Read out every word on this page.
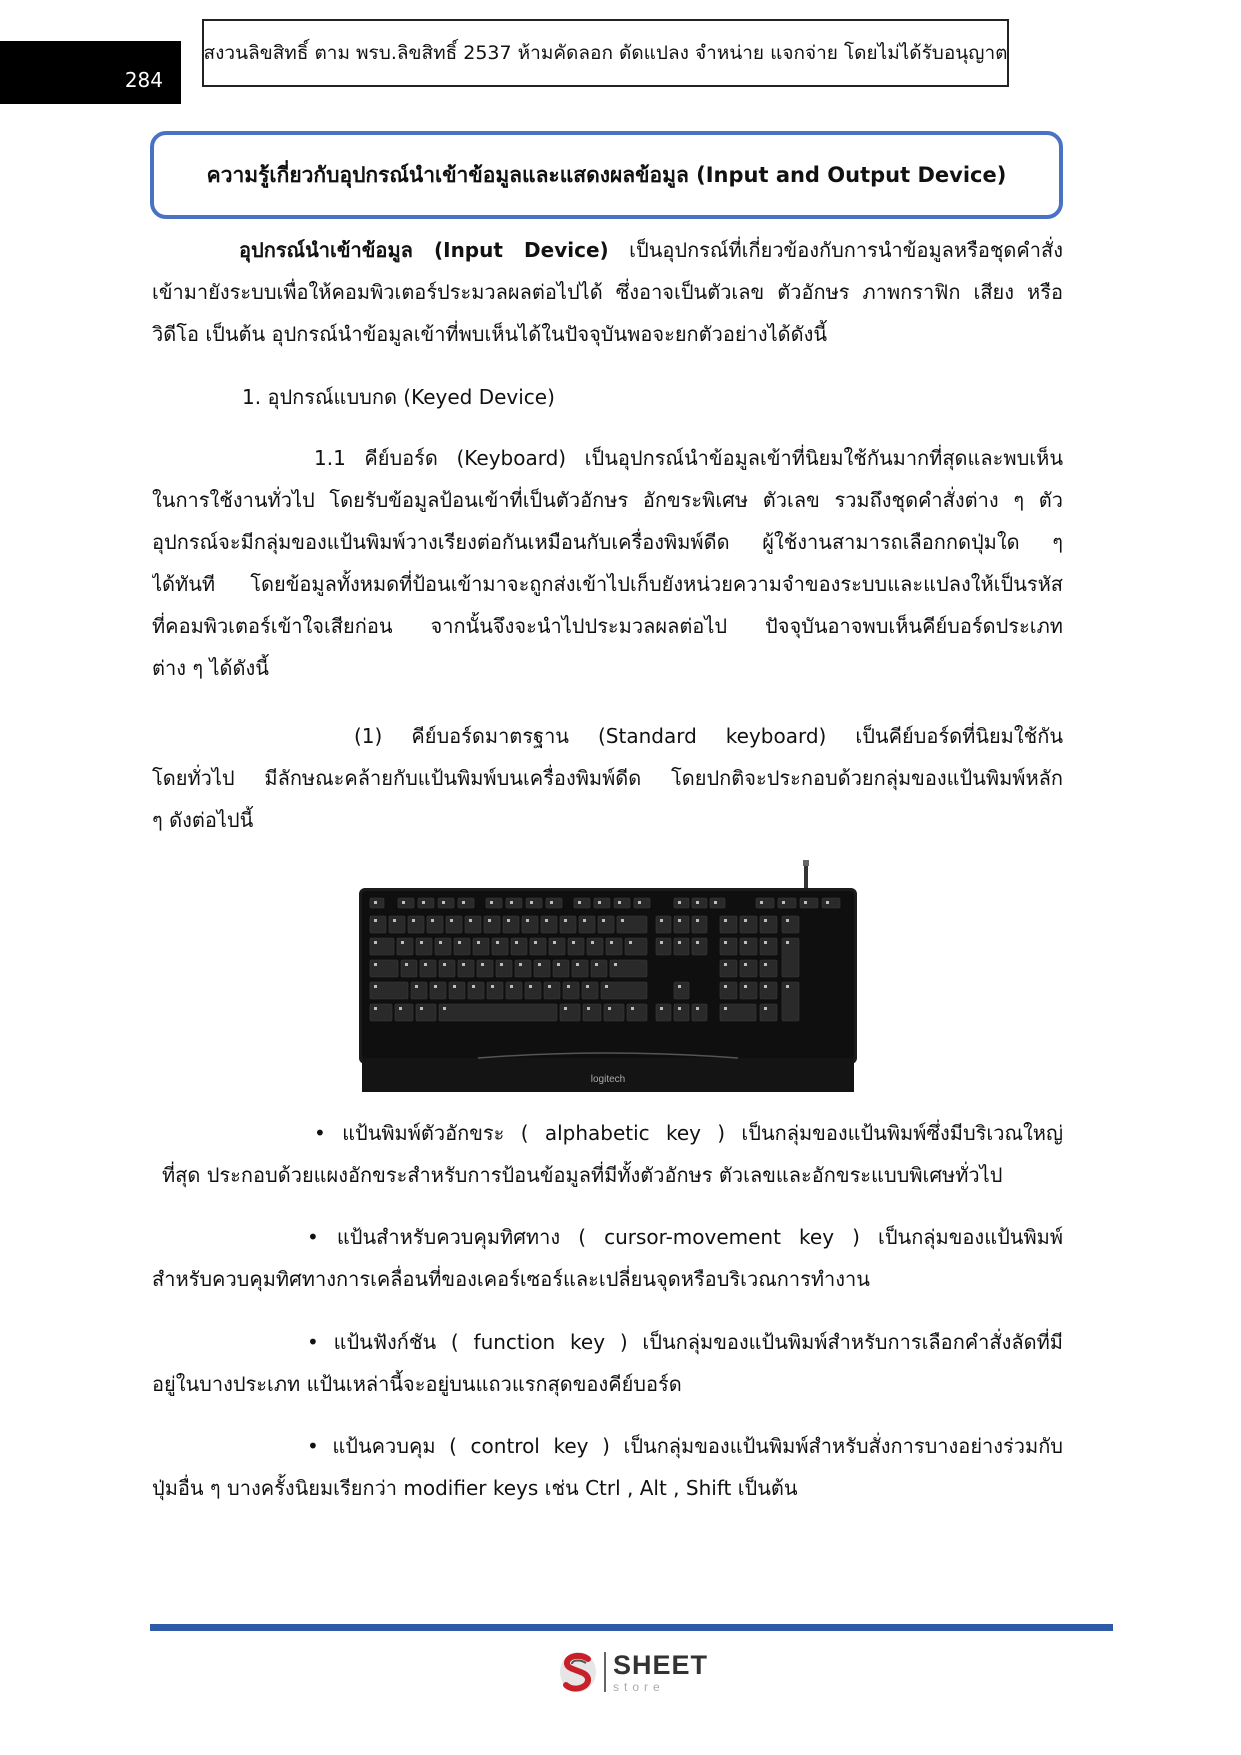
284
สงวนลิขสิทธิ์ ตาม พรบ.ลิขสิทธิ์ 2537 ห้ามคัดลอก ดัดแปลง จำหน่าย แจกจ่าย โดยไม่ได้รับอนุญาต
ความรู้เกี่ยวกับอุปกรณ์นำเข้าข้อมูลและแสดงผลข้อมูล (Input and Output Device)
อุปกรณ์นำเข้าข้อมูล (Input Device) เป็นอุปกรณ์ที่เกี่ยวข้องกับการนำข้อมูลหรือชุดคำสั่ง
เข้ามายังระบบเพื่อให้คอมพิวเตอร์ประมวลผลต่อไปได้ ซึ่งอาจเป็นตัวเลข ตัวอักษร ภาพกราฟิก เสียง หรือ
วิดีโอ เป็นต้น อุปกรณ์นำข้อมูลเข้าที่พบเห็นได้ในปัจจุบันพอจะยกตัวอย่างได้ดังนี้
1. อุปกรณ์แบบกด (Keyed Device)
1.1 คีย์บอร์ด (Keyboard) เป็นอุปกรณ์นำข้อมูลเข้าที่นิยมใช้กันมากที่สุดและพบเห็น
ในการใช้งานทั่วไป โดยรับข้อมูลป้อนเข้าที่เป็นตัวอักษร อักขระพิเศษ ตัวเลข รวมถึงชุดคำสั่งต่าง ๆ ตัว
อุปกรณ์จะมีกลุ่มของแป้นพิมพ์วางเรียงต่อกันเหมือนกับเครื่องพิมพ์ดีด ผู้ใช้งานสามารถเลือกกดปุ่มใด ๆ
ได้ทันที โดยข้อมูลทั้งหมดที่ป้อนเข้ามาจะถูกส่งเข้าไปเก็บยังหน่วยความจำของระบบและแปลงให้เป็นรหัส
ที่คอมพิวเตอร์เข้าใจเสียก่อน จากนั้นจึงจะนำไปประมวลผลต่อไป ปัจจุบันอาจพบเห็นคีย์บอร์ดประเภท
ต่าง ๆ ได้ดังนี้
(1) คีย์บอร์ดมาตรฐาน (Standard keyboard) เป็นคีย์บอร์ดที่นิยมใช้กัน
โดยทั่วไป มีลักษณะคล้ายกับแป้นพิมพ์บนเครื่องพิมพ์ดีด โดยปกติจะประกอบด้วยกลุ่มของแป้นพิมพ์หลัก
ๆ ดังต่อไปนี้
logitech
• แป้นพิมพ์ตัวอักขระ ( alphabetic key ) เป็นกลุ่มของแป้นพิมพ์ซึ่งมีบริเวณใหญ่
ที่สุด ประกอบด้วยแผงอักขระสำหรับการป้อนข้อมูลที่มีทั้งตัวอักษร ตัวเลขและอักขระแบบพิเศษทั่วไป
• แป้นสำหรับควบคุมทิศทาง ( cursor-movement key ) เป็นกลุ่มของแป้นพิมพ์
สำหรับควบคุมทิศทางการเคลื่อนที่ของเคอร์เซอร์และเปลี่ยนจุดหรือบริเวณการทำงาน
• แป้นฟังก์ชัน ( function key ) เป็นกลุ่มของแป้นพิมพ์สำหรับการเลือกคำสั่งลัดที่มี
อยู่ในบางประเภท แป้นเหล่านี้จะอยู่บนแถวแรกสุดของคีย์บอร์ด
• แป้นควบคุม ( control key ) เป็นกลุ่มของแป้นพิมพ์สำหรับสั่งการบางอย่างร่วมกับ
ปุ่มอื่น ๆ บางครั้งนิยมเรียกว่า modifier keys เช่น Ctrl , Alt , Shift เป็นต้น
SHEET
store
